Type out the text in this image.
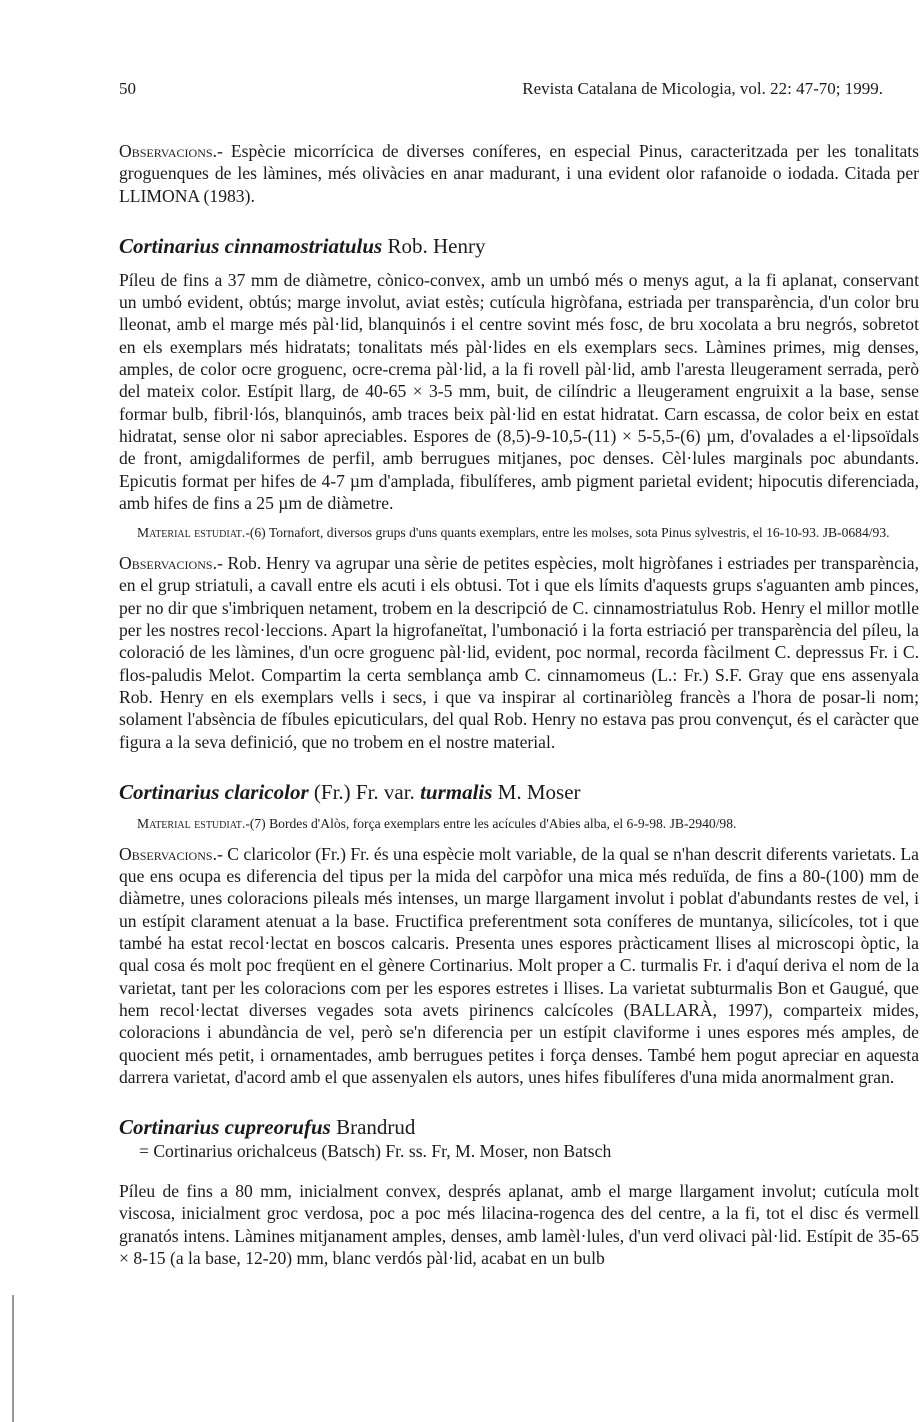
50	Revista Catalana de Micologia, vol. 22: 47-70; 1999.

Observacions.- Espècie micorrícica de diverses coníferes, en especial Pinus, caracteritzada per les tonalitats groguenques de les làmines, més olivàcies en anar madurant, i una evident olor rafanoide o iodada. Citada per LLIMONA (1983).

Cortinarius cinnamostriatulus Rob. Henry

Píleu de fins a 37 mm de diàmetre, cònico-convex, amb un umbó més o menys agut, a la fi aplanat, conservant un umbó evident, obtús; marge involut, aviat estès; cutícula higròfana, estriada per transparència, d'un color bru lleonat, amb el marge més pàl·lid, blanquinós i el centre sovint més fosc, de bru xocolata a bru negrós, sobretot en els exemplars més hidratats; tonalitats més pàl·lides en els exemplars secs. Làmines primes, mig denses, amples, de color ocre groguenc, ocre-crema pàl·lid, a la fi rovell pàl·lid, amb l'aresta lleugerament serrada, però del mateix color. Estípit llarg, de 40-65 × 3-5 mm, buit, de cilíndric a lleugerament engruixit a la base, sense formar bulb, fibril·lós, blanquinós, amb traces beix pàl·lid en estat hidratat. Carn escassa, de color beix en estat hidratat, sense olor ni sabor apreciables. Espores de (8,5)-9-10,5-(11) × 5-5,5-(6) µm, d'ovalades a el·lipsoïdals de front, amigdaliformes de perfil, amb berrugues mitjanes, poc denses. Cèl·lules marginals poc abundants. Epicutis format per hifes de 4-7 µm d'amplada, fibulíferes, amb pigment parietal evident; hipocutis diferenciada, amb hifes de fins a 25 µm de diàmetre.

Material estudiat.-(6) Tornafort, diversos grups d'uns quants exemplars, entre les molses, sota Pinus sylvestris, el 16-10-93. JB-0684/93.

Observacions.- Rob. Henry va agrupar una sèrie de petites espècies, molt higròfanes i estriades per transparència, en el grup striatuli, a cavall entre els acuti i els obtusi. Tot i que els límits d'aquests grups s'aguanten amb pinces, per no dir que s'imbriquen netament, trobem en la descripció de C. cinnamostriatulus Rob. Henry el millor motlle per les nostres recol·leccions. Apart la higrofaneïtat, l'umbonació i la forta estriació per transparència del píleu, la coloració de les làmines, d'un ocre groguenc pàl·lid, evident, poc normal, recorda fàcilment C. depressus Fr. i C. flos-paludis Melot. Compartim la certa semblança amb C. cinnamomeus (L.: Fr.) S.F. Gray que ens assenyala Rob. Henry en els exemplars vells i secs, i que va inspirar al cortinariòleg francès a l'hora de posar-li nom; solament l'absència de fíbules epicuticulars, del qual Rob. Henry no estava pas prou convençut, és el caràcter que figura a la seva definició, que no trobem en el nostre material.

Cortinarius claricolor (Fr.) Fr. var. turmalis M. Moser

Material estudiat.-(7) Bordes d'Alòs, força exemplars entre les acícules d'Abies alba, el 6-9-98. JB-2940/98.

Observacions.- C claricolor (Fr.) Fr. és una espècie molt variable, de la qual se n'han descrit diferents varietats. La que ens ocupa es diferencia del tipus per la mida del carpòfor una mica més reduïda, de fins a 80-(100) mm de diàmetre, unes coloracions pileals més intenses, un marge llargament involut i poblat d'abundants restes de vel, i un estípit clarament atenuat a la base. Fructifica preferentment sota coníferes de muntanya, silicícoles, tot i que també ha estat recol·lectat en boscos calcaris. Presenta unes espores pràcticament llises al microscopi òptic, la qual cosa és molt poc freqüent en el gènere Cortinarius. Molt proper a C. turmalis Fr. i d'aquí deriva el nom de la varietat, tant per les coloracions com per les espores estretes i llises. La varietat subturmalis Bon et Gaugué, que hem recol·lectat diverses vegades sota avets pirinencs calcícoles (BALLARÀ, 1997), comparteix mides, coloracions i abundància de vel, però se'n diferencia per un estípit claviforme i unes espores més amples, de quocient més petit, i ornamentades, amb berrugues petites i força denses. També hem pogut apreciar en aquesta darrera varietat, d'acord amb el que assenyalen els autors, unes hifes fibulíferes d'una mida anormalment gran.

Cortinarius cupreorufus Brandrud
= Cortinarius orichalceus (Batsch) Fr. ss. Fr, M. Moser, non Batsch

Píleu de fins a 80 mm, inicialment convex, després aplanat, amb el marge llargament involut; cutícula molt viscosa, inicialment groc verdosa, poc a poc més lilacina-rogenca des del centre, a la fi, tot el disc és vermell granatós intens. Làmines mitjanament amples, denses, amb lamèl·lules, d'un verd olivaci pàl·lid. Estípit de 35-65 × 8-15 (a la base, 12-20) mm, blanc verdós pàl·lid, acabat en un bulb
